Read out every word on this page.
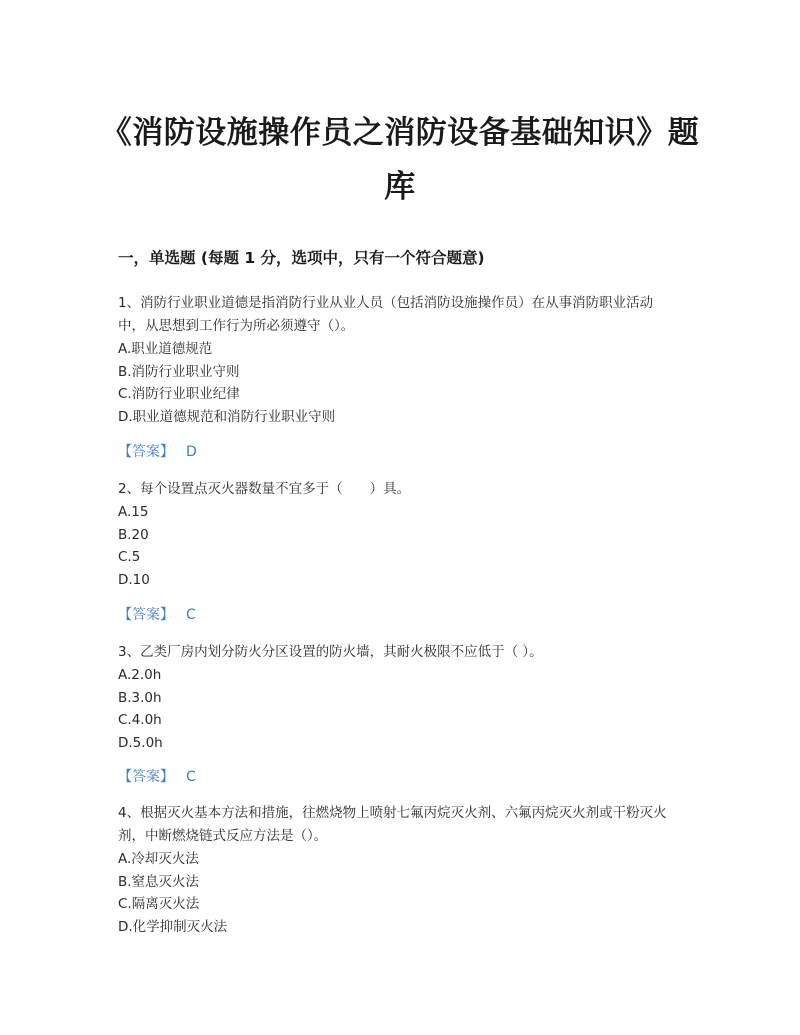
《消防设施操作员之消防设备基础知识》题库
一，单选题 (每题 1 分，选项中，只有一个符合题意)

1、消防行业职业道德是指消防行业从业人员（包括消防设施操作员）在从事消防职业活动中，从思想到工作行为所必须遵守（）。

A.职业道德规范

B.消防行业职业守则

C.消防行业职业纪律

D.职业道德规范和消防行业职业守则

【答案】 D

2、每个设置点灭火器数量不宜多于（　　）具。

A.15

B.20

C.5

D.10

【答案】 C

3、乙类厂房内划分防火分区设置的防火墙，其耐火极限不应低于（ ）。

A.2.0h

B.3.0h

C.4.0h

D.5.0h

【答案】 C

4、根据灭火基本方法和措施，往燃烧物上喷射七氟丙烷灭火剂、六氟丙烷灭火剂或干粉灭火剂，中断燃烧链式反应方法是（）。

A.冷却灭火法

B.窒息灭火法

C.隔离灭火法

D.化学抑制灭火法
